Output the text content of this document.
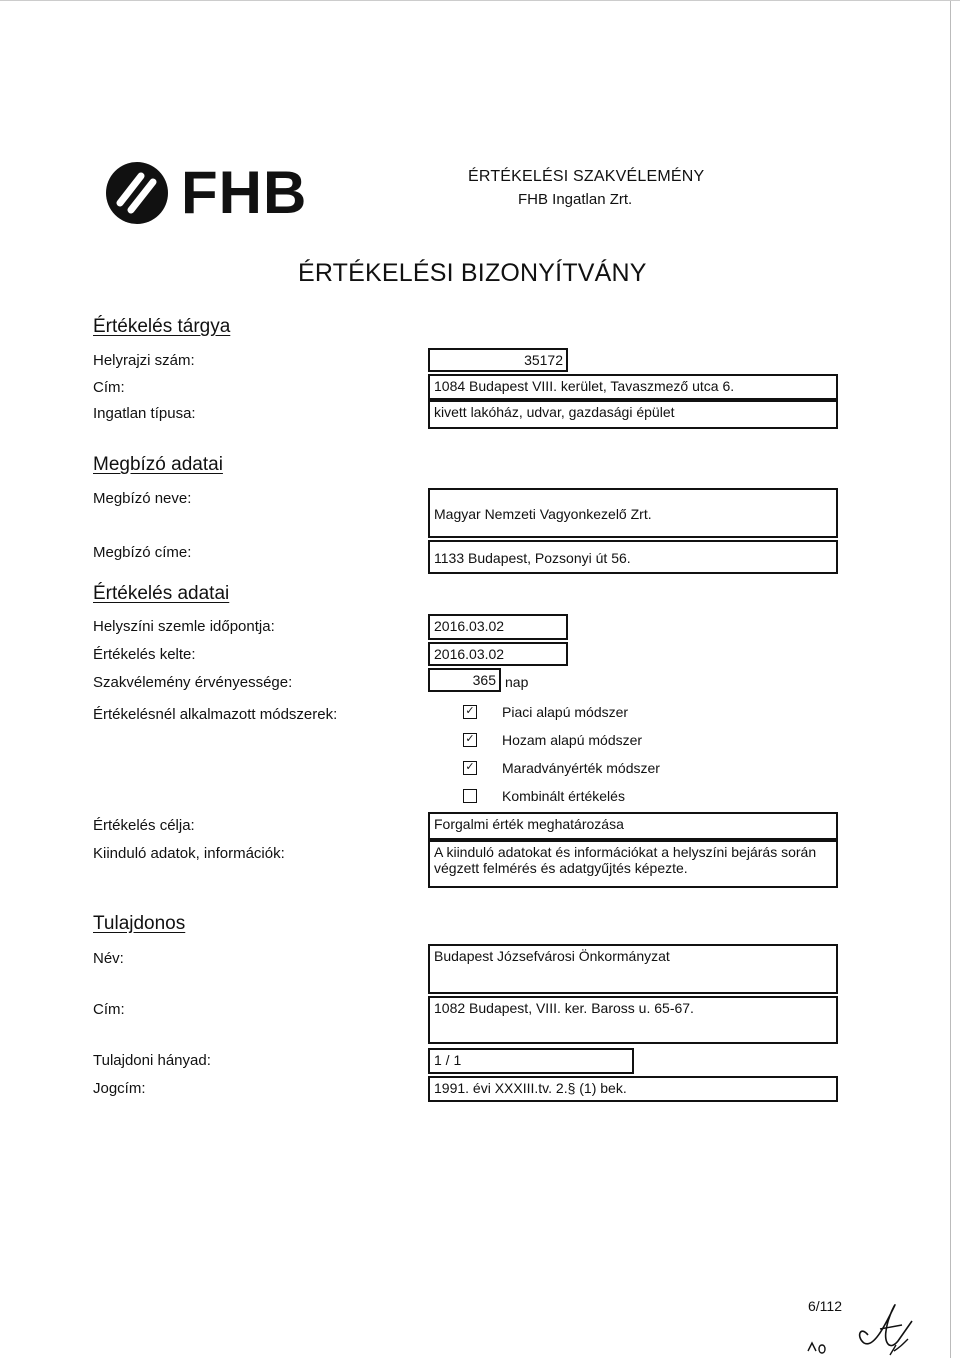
FHB	ÉRTÉKELÉSI SZAKVÉLEMÉNY
FHB Ingatlan Zrt.
ÉRTÉKELÉSI BIZONYÍTVÁNY
Értékelés tárgya
Helyrajzi szám:	35172
Cím:	1084 Budapest VIII. kerület, Tavaszmező utca 6.
Ingatlan típusa:	kivett lakóház, udvar, gazdasági épület
Megbízó adatai
Megbízó neve:
Magyar Nemzeti Vagyonkezelő Zrt.
Megbízó címe:	1133 Budapest, Pozsonyi út 56.
Értékelés adatai
Helyszíni szemle időpontja:	2016.03.02
Értékelés kelte:	2016.03.02
Szakvélemény érvényessége:	365 nap
Értékelésnél alkalmazott módszerek:	✓ Piaci alapú módszer
✓ Hozam alapú módszer
✓ Maradványérték módszer
Kombinált értékelés
Értékelés célja:	Forgalmi érték meghatározása
Kiinduló adatok, információk:	A kiinduló adatokat és információkat a helyszíni bejárás során végzett felmérés és adatgyűjtés képezte.
Tulajdonos
Név:	Budapest Józsefvárosi Önkormányzat
Cím:	1082 Budapest, VIII. ker. Baross u. 65-67.
Tulajdoni hányad:	1 / 1
Jogcím:	1991. évi XXXIII.tv. 2.§ (1) bek.
6/112
